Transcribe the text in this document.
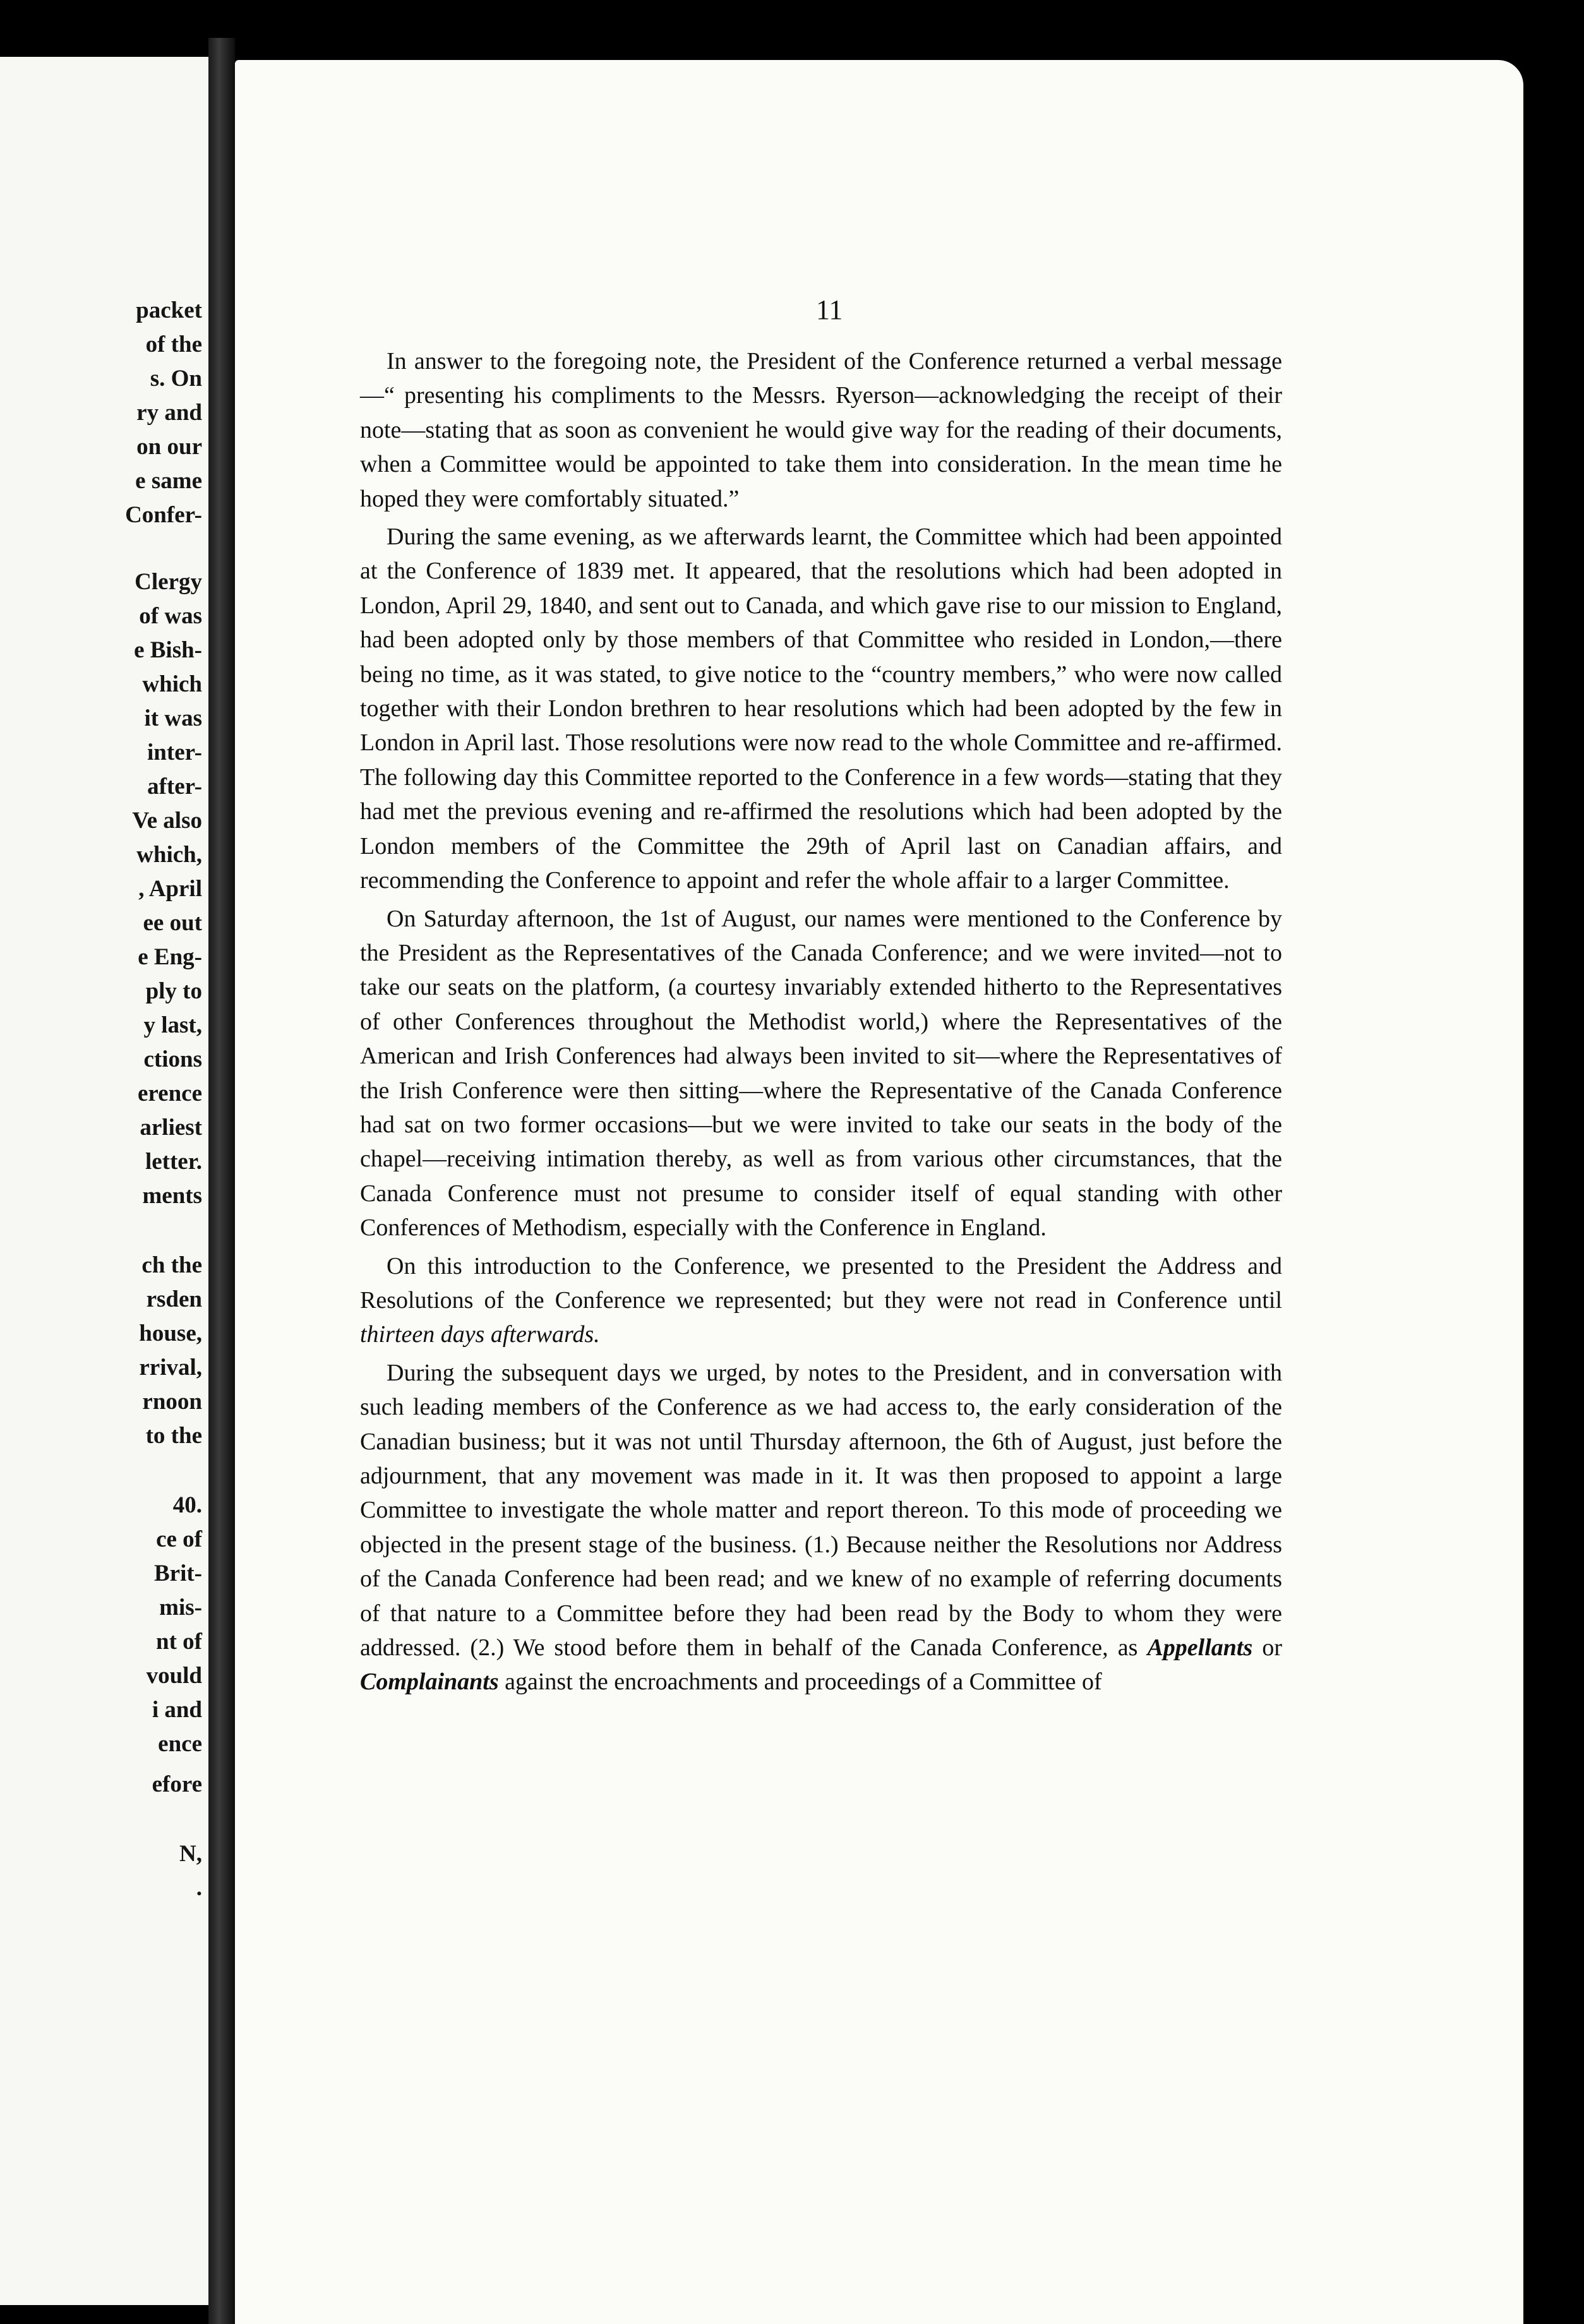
packet
of the
s. On
ry and
on our
e same
Confer-
Clergy
of was
e Bish-
which
it was
inter-
after-
Ve also
which,
, April
ee out
e Eng-
ply to
y last,
ctions
erence
arliest
letter.
ments
ch the
rsden
house,
rrival,
rnoon
to the
40.
ce of
Brit-
mis-
nt of
vould
i and
ence
efore
N,
.
11

In answer to the foregoing note, the President of the Conference returned a verbal message—“ presenting his compliments to the Messrs. Ryerson—acknowledging the receipt of their note—stating that as soon as convenient he would give way for the reading of their documents, when a Committee would be appointed to take them into consideration. In the mean time he hoped they were comfortably situated.”

During the same evening, as we afterwards learnt, the Committee which had been appointed at the Conference of 1839 met. It appeared, that the resolutions which had been adopted in London, April 29, 1840, and sent out to Canada, and which gave rise to our mission to England, had been adopted only by those members of that Committee who resided in London,—there being no time, as it was stated, to give notice to the “country members,” who were now called together with their London brethren to hear resolutions which had been adopted by the few in London in April last. Those resolutions were now read to the whole Committee and re-affirmed. The following day this Committee reported to the Conference in a few words—stating that they had met the previous evening and re-affirmed the resolutions which had been adopted by the London members of the Committee the 29th of April last on Canadian affairs, and recommending the Conference to appoint and refer the whole affair to a larger Committee.

On Saturday afternoon, the 1st of August, our names were mentioned to the Conference by the President as the Representatives of the Canada Conference; and we were invited—not to take our seats on the platform, (a courtesy invariably extended hitherto to the Representatives of other Conferences throughout the Methodist world,) where the Representatives of the American and Irish Conferences had always been invited to sit—where the Representatives of the Irish Conference were then sitting—where the Representative of the Canada Conference had sat on two former occasions—but we were invited to take our seats in the body of the chapel—receiving intimation thereby, as well as from various other circumstances, that the Canada Conference must not presume to consider itself of equal standing with other Conferences of Methodism, especially with the Conference in England.

On this introduction to the Conference, we presented to the President the Address and Resolutions of the Conference we represented; but they were not read in Conference until thirteen days afterwards.

During the subsequent days we urged, by notes to the President, and in conversation with such leading members of the Conference as we had access to, the early consideration of the Canadian business; but it was not until Thursday afternoon, the 6th of August, just before the adjournment, that any movement was made in it. It was then proposed to appoint a large Committee to investigate the whole matter and report thereon. To this mode of proceeding we objected in the present stage of the business. (1.) Because neither the Resolutions nor Address of the Canada Conference had been read; and we knew of no example of referring documents of that nature to a Committee before they had been read by the Body to whom they were addressed. (2.) We stood before them in behalf of the Canada Conference, as Appellants or Complainants against the encroachments and proceedings of a Committee of
